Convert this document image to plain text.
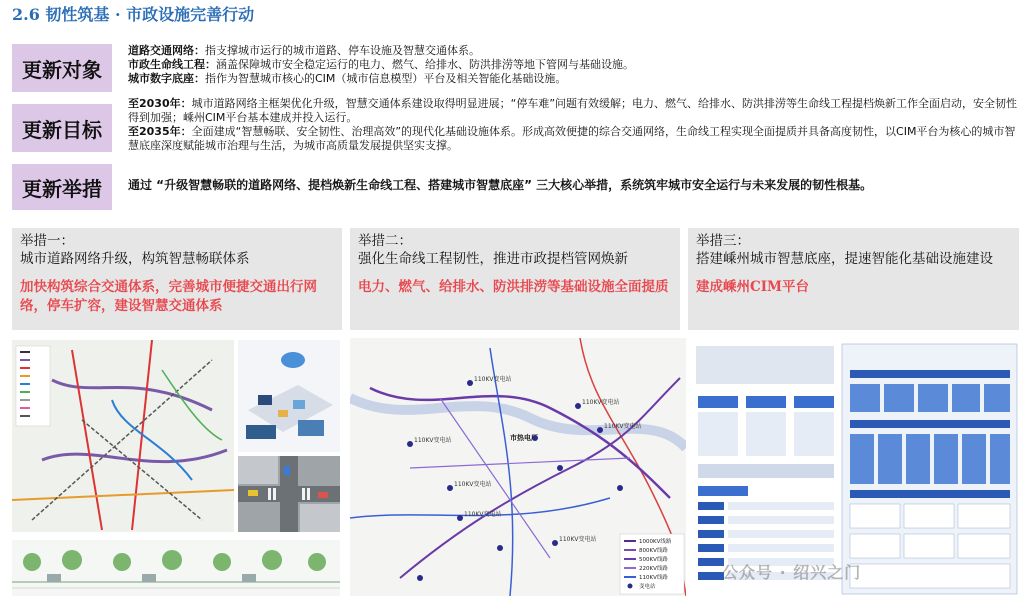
2.6 韧性筑基 · 市政设施完善行动
更新对象
道路交通网络：指支撑城市运行的城市道路、停车设施及智慧交通体系。
市政生命线工程：涵盖保障城市安全稳定运行的电力、燃气、给排水、防洪排涝等地下管网与基础设施。
城市数字底座：指作为智慧城市核心的CIM（城市信息模型）平台及相关智能化基础设施。
更新目标
至2030年：城市道路网络主框架优化升级，智慧交通体系建设取得明显进展；“停车难”问题有效缓解；电力、燃气、给排水、防洪排涝等生命线工程提档焕新工作全面启动，安全韧性得到加强；嵊州CIM平台基本建成并投入运行。
至2035年：全面建成“智慧畅联、安全韧性、治理高效”的现代化基础设施体系。形成高效便捷的综合交通网络，生命线工程实现全面提质并具备高度韧性，以CIM平台为核心的城市智慧底座深度赋能城市治理与生活，为城市高质量发展提供坚实支撑。
更新举措	通过 “升级智慧畅联的道路网络、提档焕新生命线工程、搭建城市智慧底座” 三大核心举措，系统筑牢城市安全运行与未来发展的韧性根基。
举措一：
城市道路网络升级，构筑智慧畅联体系
加快构筑综合交通体系，完善城市便捷交通出行网络，停车扩容，建设智慧交通体系
举措二：
强化生命线工程韧性，推进市政提档管网焕新
电力、燃气、给排水、防洪排涝等基础设施全面提质
举措三：
搭建嵊州城市智慧底座，提速智能化基础设施建设
建成嵊州CIM平台
110KV变电站
110KV变电站
110KV变电站
110KV变电站
110KV变电站
110KV变电站
110KV变电站
市热电厂
1000KV线路
800KV线路
500KV线路
220KV线路
110KV线路
变电站
公众号 · 绍兴之门
